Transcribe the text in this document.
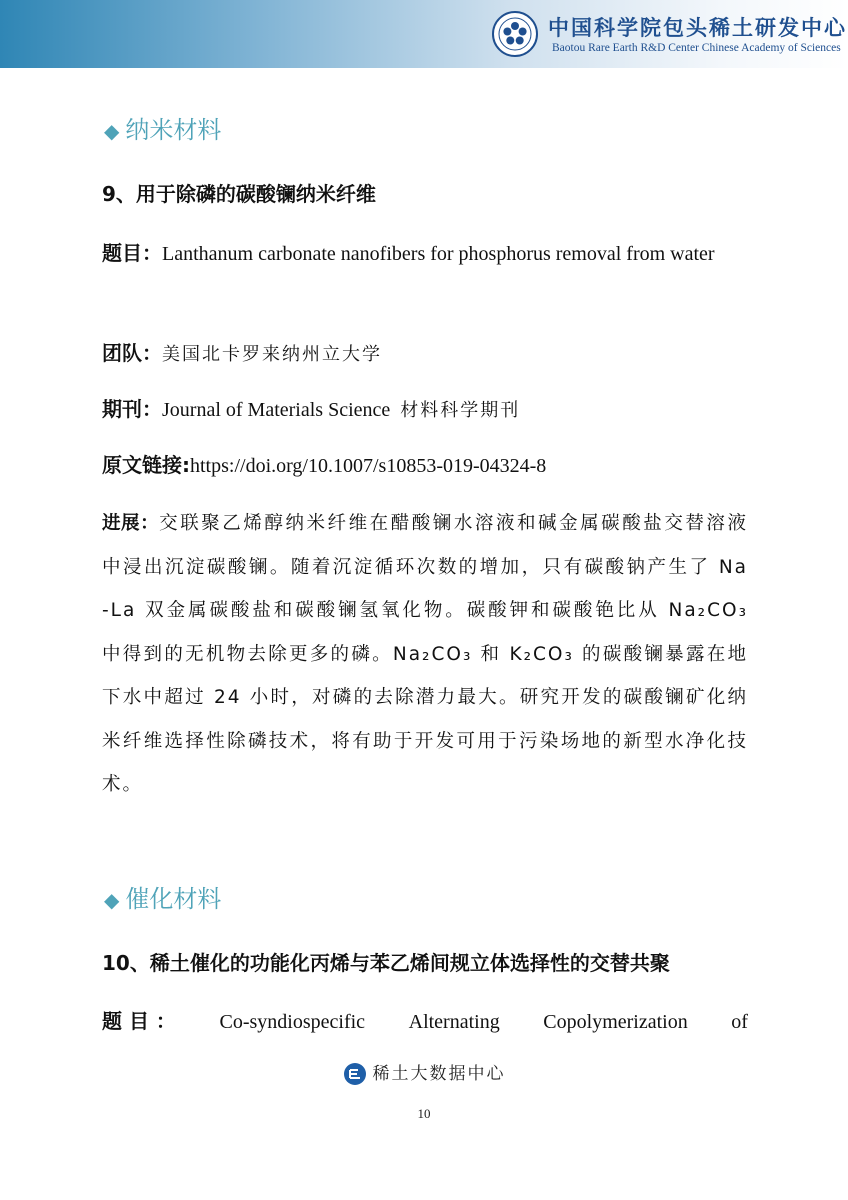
中国科学院包头稀土研发中心
Baotou Rare Earth R&D Center Chinese Academy of Sciences
◆ 纳米材料
9、用于除磷的碳酸镧纳米纤维
题目：Lanthanum carbonate nanofibers for phosphorus removal from water
团队：美国北卡罗来纳州立大学
期刊：Journal of Materials Science 材料科学期刊
原文链接:https://doi.org/10.1007/s10853-019-04324-8
进展：交联聚乙烯醇纳米纤维在醋酸镧水溶液和碱金属碳酸盐交替溶液中浸出沉淀碳酸镧。随着沉淀循环次数的增加，只有碳酸钠产生了 Na -La 双金属碳酸盐和碳酸镧氢氧化物。碳酸钾和碳酸铯比从 Na₂CO₃ 中得到的无机物去除更多的磷。Na₂CO₃ 和 K₂CO₃ 的碳酸镧暴露在地下水中超过 24 小时，对磷的去除潜力最大。研究开发的碳酸镧矿化纳米纤维选择性除磷技术，将有助于开发可用于污染场地的新型水净化技术。
◆ 催化材料
10、稀土催化的功能化丙烯与苯乙烯间规立体选择性的交替共聚
题 目 ： Co-syndiospecific Alternating Copolymerization of
稀土大数据中心
10
